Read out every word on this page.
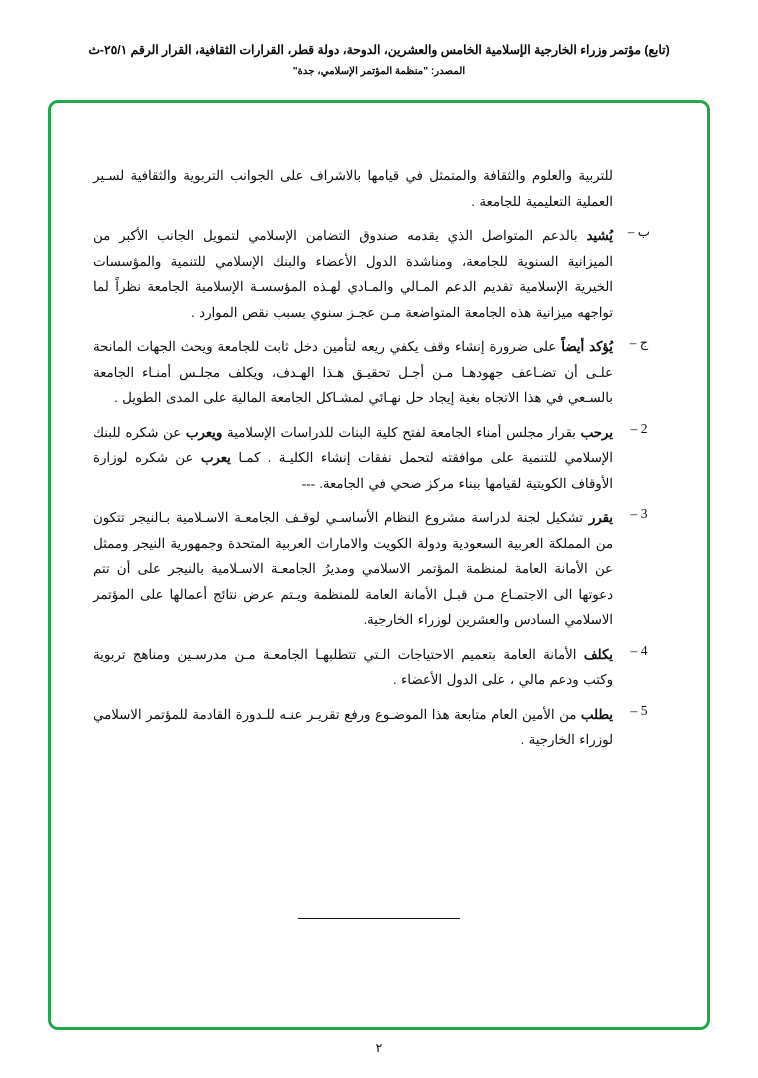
(تابع) مؤتمر وزراء الخارجية الإسلامية الخامس والعشرين، الدوحة، دولة قطر، القرارات الثقافية، القرار الرقم ٢٥/١-ث
المصدر: "منظمة المؤتمر الإسلامي، جدة"
للتربية والعلوم والثقافة والمتمثل في قيامها بالاشراف على الجوانب التربوية والثقافية لسـير العملية التعليمية للجامعة .
ب –
يُشيد بالدعم المتواصل الذي يقدمه صندوق التضامن الإسلامي لتمويل الجانب الأكبر من الميزانية السنوية للجامعة، ومناشدة الدول الأعضاء والبنك الإسلامي للتنمية والمؤسسات الخيرية الإسلامية تقديم الدعم المـالي والمـادي لهـذه المؤسسـة الإسلامية الجامعة نظراً لما تواجهه ميزانية هذه الجامعة المتواضعة مـن عجـز سنوي بسبب نقص الموارد .
ج –
يُؤكد أيضاً على ضرورة إنشاء وقف يكفي ريعه لتأمين دخل ثابت للجامعة ويحث الجهات المانحة علـى أن تضـاعف جهودهـا مـن أجـل تحقيـق هـذا الهـدف، ويكلف مجلـس أمنـاء الجامعة بالسـعي في هذا الاتجاه بغية إيجاد حل نهـائي لمشـاكل الجامعة المالية على المدى الطويل .
2 –
يرحب بقرار مجلس أمناء الجامعة لفتح كلية البنات للدراسات الإسلامية ويعرب عن شكره للبنك الإسلامي للتنمية على موافقته لتحمل نفقات إنشاء الكليـة . كمـا يعرب عن شكره لوزارة الأوقاف الكويتية لقيامها ببناء مركز صحي في الجامعة. ---
3 –
يقرر تشكيل لجنة لدراسة مشروع النظام الأساسـي لوقـف الجامعـة الاسـلامية بـالنيجر تتكون من المملكة العربية السعودية ودولة الكويت والامارات العربية المتحدة وجمهورية النيجر وممثل عن الأمانة العامة لمنظمة المؤتمر الاسلامي ومديرُ الجامعـة الاسـلامية بالنيجر على أن تتم دعوتها الى الاجتمـاع مـن قبـل الأمانة العامة للمنظمة ويـتم عرض نتائج أعمالها على المؤتمر الاسلامي السادس والعشرين لوزراء الخارجية.
4 –
يكلف الأمانة العامة بتعميم الاحتياجات الـتي تتطلبهـا الجامعـة مـن مدرسـين ومناهج تربوية وكتب ودعم مالي ، على الدول الأعضاء .
5 –
يطلب من الأمين العام متابعة هذا الموضـوع ورفع تقريـر عنـه للـدورة القادمة للمؤتمر الاسلامي لوزراء الخارجية .
٢
